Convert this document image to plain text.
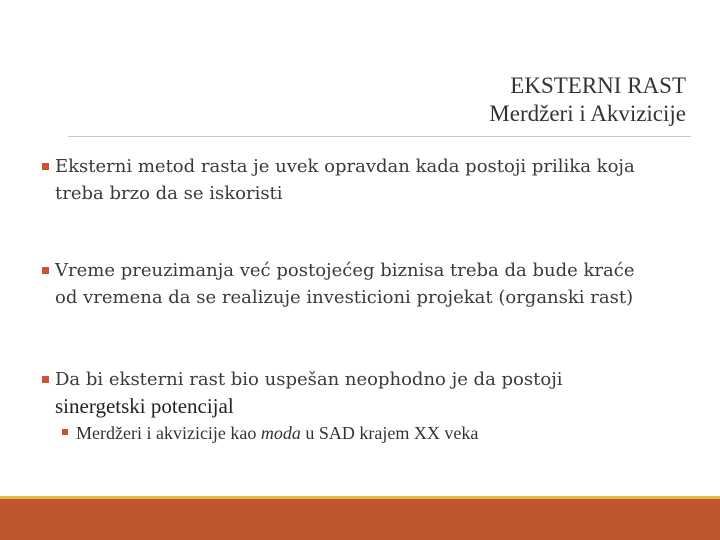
EKSTERNI RAST
Merdžeri i Akvizicije
Eksterni metod rasta je uvek opravdan kada postoji prilika koja
treba brzo da se iskoristi
Vreme preuzimanja već postojećeg biznisa treba da bude kraće
od vremena da se realizuje investicioni projekat (organski rast)
Da bi eksterni rast bio uspešan neophodno je da postoji
sinergetski potencijal
Merdžeri i akvizicije kao moda u SAD krajem XX veka
